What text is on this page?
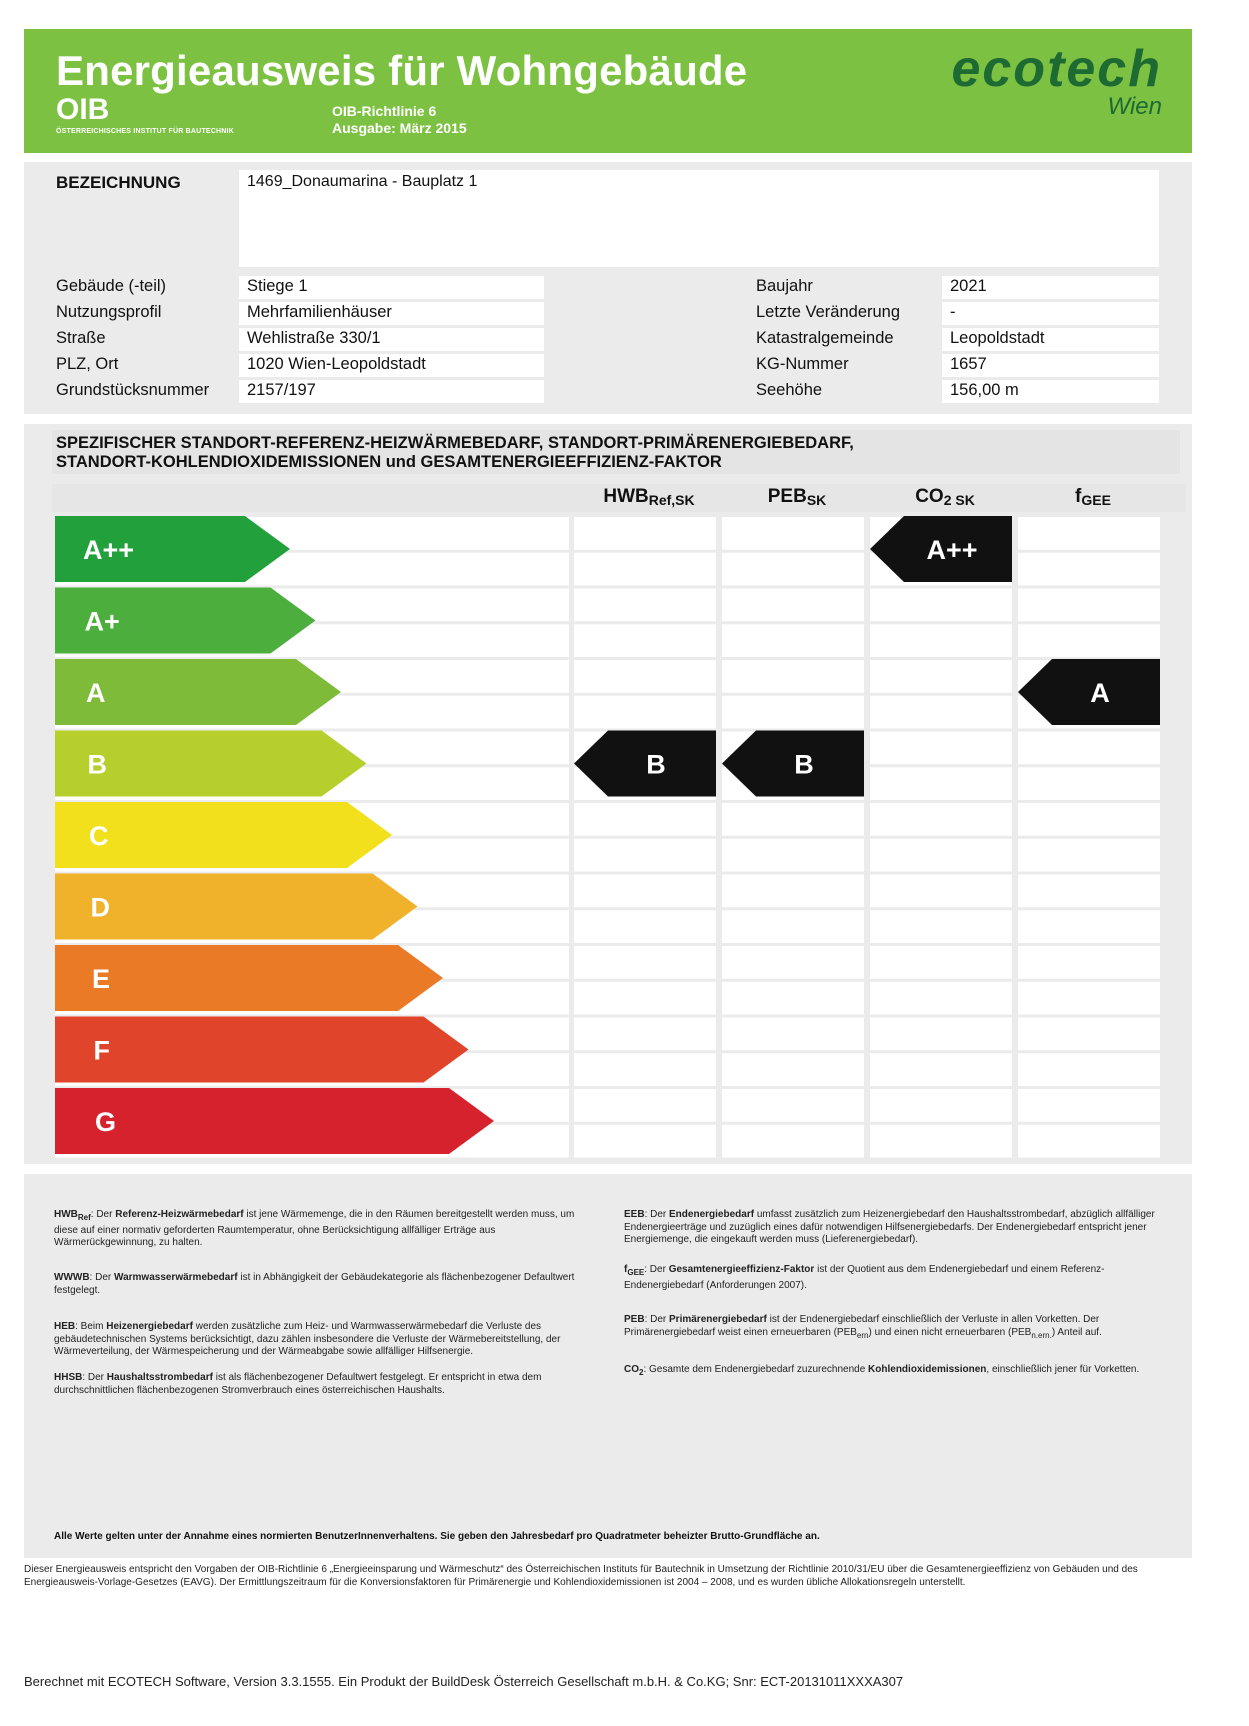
Energieausweis für Wohngebäude
OIB
ÖSTERREICHISCHES INSTITUT FÜR BAUTECHNIK
OIB-Richtlinie 6
Ausgabe: März 2015
ecotech
Wien
BEZEICHNUNG	1469_Donaumarina - Bauplatz 1
Gebäude (-teil)	Stiege 1
Nutzungsprofil	Mehrfamilienhäuser
Straße	Wehlistraße 330/1
PLZ, Ort	1020 Wien-Leopoldstadt
Grundstücksnummer	2157/197
Baujahr	2021
Letzte Veränderung	-
Katastralgemeinde	Leopoldstadt
KG-Nummer	1657
Seehöhe	156,00 m
SPEZIFISCHER STANDORT-REFERENZ-HEIZWÄRMEBEDARF, STANDORT-PRIMÄRENERGIEBEDARF,
STANDORT-KOHLENDIOXIDEMISSIONEN und GESAMTENERGIEEFFIZIENZ-FAKTOR
$HWB_{Ref,SK}$	$PEB_{SK}$	$CO_{2 SK}$	$f_{GEE}$
A++
A+
A
B
C
D
E
F
G
B	B
A++
A
$HWB_{Ref}$: Der Referenz-Heizwärmebedarf ist jene Wärmemenge, die in den Räumen bereitgestellt werden muss, um diese auf einer normativ geforderten Raumtemperatur, ohne Berücksichtigung allfälliger Erträge aus Wärmerückgewinnung, zu halten.
WWWB: Der Warmwasserwärmebedarf ist in Abhängigkeit der Gebäudekategorie als flächenbezogener Defaultwert festgelegt.
HEB: Beim Heizenergiebedarf werden zusätzliche zum Heiz- und Warmwasserwärmebedarf die Verluste des gebäudetechnischen Systems berücksichtigt, dazu zählen insbesondere die Verluste der Wärmebereitstellung, der Wärmeverteilung, der Wärmespeicherung und der Wärmeabgabe sowie allfälliger Hilfsenergie.
HHSB: Der Haushaltsstrombedarf ist als flächenbezogener Defaultwert festgelegt. Er entspricht in etwa dem durchschnittlichen flächenbezogenen Stromverbrauch eines österreichischen Haushalts.
EEB: Der Endenergiebedarf umfasst zusätzlich zum Heizenergiebedarf den Haushaltsstrombedarf, abzüglich allfälliger Endenergieerträge und zuzüglich eines dafür notwendigen Hilfsenergiebedarfs. Der Endenergiebedarf entspricht jener Energiemenge, die eingekauft werden muss (Lieferenergiebedarf).
$f_{GEE}$: Der Gesamtenergieeffizienz-Faktor ist der Quotient aus dem Endenergiebedarf und einem Referenz-Endenergiebedarf (Anforderungen 2007).
PEB: Der Primärenergiebedarf ist der Endenergiebedarf einschließlich der Verluste in allen Vorketten. Der Primärenergiebedarf weist einen erneuerbaren $(PEB_{ern})$ und einen nicht erneuerbaren $(PEB_{n.ern.})$ Anteil auf.
$CO_2$: Gesamte dem Endenergiebedarf zuzurechnende Kohlendioxidemissionen, einschließlich jener für Vorketten.
Alle Werte gelten unter der Annahme eines normierten BenutzerInnenverhaltens. Sie geben den Jahresbedarf pro Quadratmeter beheizter Brutto-Grundfläche an.
Dieser Energieausweis entspricht den Vorgaben der OIB-Richtlinie 6 „Energieeinsparung und Wärmeschutz“ des Österreichischen Instituts für Bautechnik in Umsetzung der Richtlinie 2010/31/EU über die Gesamtenergieeffizienz von Gebäuden und des Energieausweis-Vorlage-Gesetzes (EAVG). Der Ermittlungszeitraum für die Konversionsfaktoren für Primärenergie und Kohlendioxidemissionen ist 2004 – 2008, und es wurden übliche Allokationsregeln unterstellt.
Berechnet mit ECOTECH Software, Version 3.3.1555. Ein Produkt der BuildDesk Österreich Gesellschaft m.b.H. & Co.KG; Snr: ECT-20131011XXXA307
